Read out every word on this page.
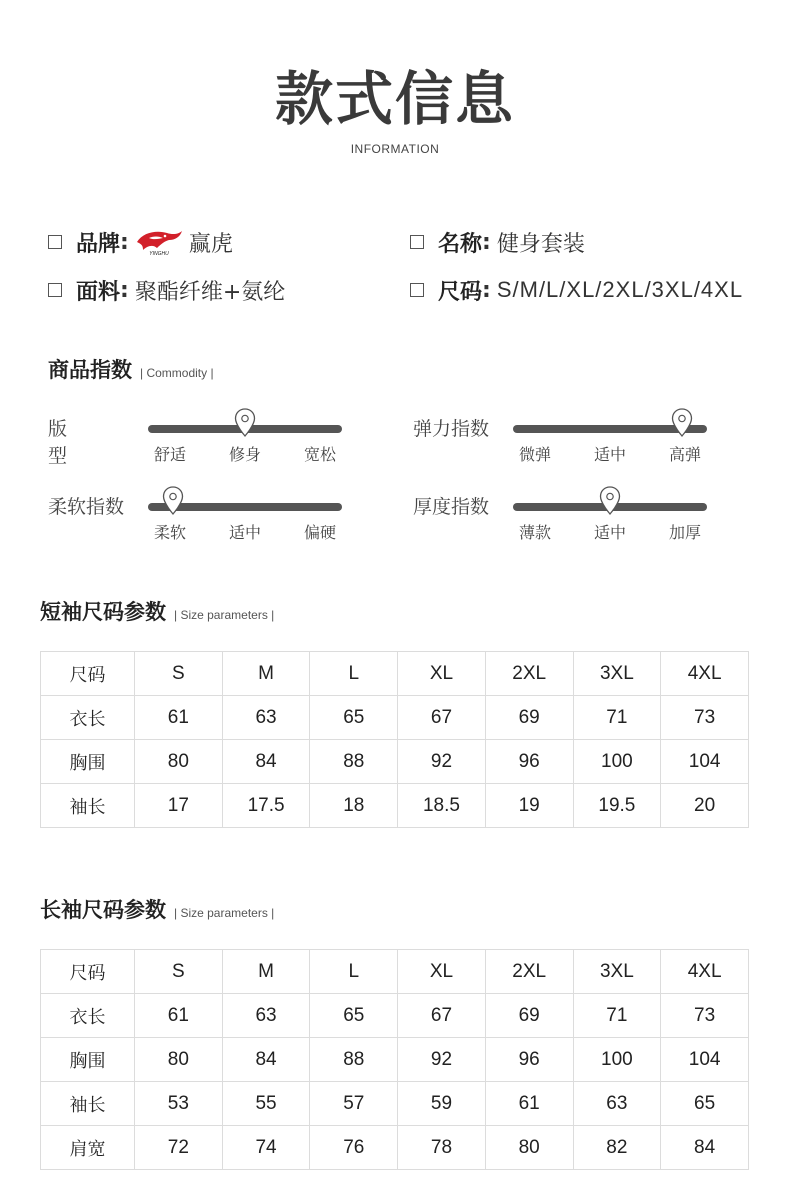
款式信息
INFORMATION
品牌 :	YINGHU 赢虎	名称 : 健身套装
面料 : 聚酯纤维+氨纶	尺码 : S/M/L/XL/2XL/3XL/4XL
商品指数 | Commodity |
版 型	舒适	修身	宽松
弹力指数
微弹	适中	高弹
柔软指数
柔软	适中	偏硬
厚度指数
薄款	适中	加厚
短袖尺码参数 | Size parameters |
尺码	S	M	L	XL	2XL	3XL	4XL
衣长	61	63	65	67	69	71	73
胸围	80	84	88	92	96	100	104
袖长	17	17.5	18	18.5	19	19.5	20
长袖尺码参数 | Size parameters |
尺码	S	M	L	XL	2XL	3XL	4XL
衣长	61	63	65	67	69	71	73
胸围	80	84	88	92	96	100	104
袖长	53	55	57	59	61	63	65
肩宽	72	74	76	78	80	82	84
